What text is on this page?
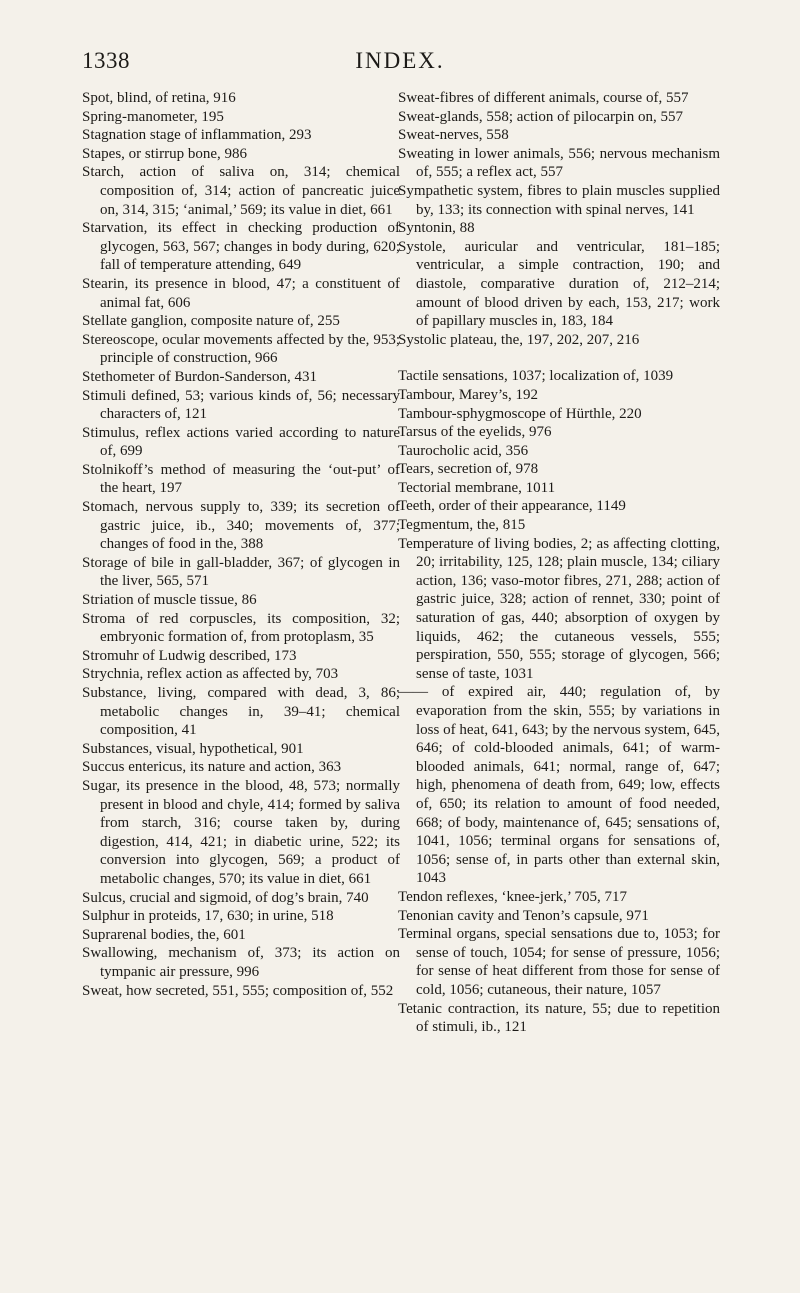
1338	INDEX.

Spot, blind, of retina, 916

Spring-manometer, 195

Stagnation stage of inflammation, 293

Stapes, or stirrup bone, 986

Starch, action of saliva on, 314; chemical composition of, 314; action of pancreatic juice on, 314, 315; ‘animal,’ 569; its value in diet, 661

Starvation, its effect in checking production of glycogen, 563, 567; changes in body during, 620; fall of temperature attending, 649

Stearin, its presence in blood, 47; a constituent of animal fat, 606

Stellate ganglion, composite nature of, 255

Stereoscope, ocular movements affected by the, 953; principle of construction, 966

Stethometer of Burdon-Sanderson, 431

Stimuli defined, 53; various kinds of, 56; necessary characters of, 121

Stimulus, reflex actions varied according to nature of, 699

Stolnikoff’s method of measuring the ‘out-put’ of the heart, 197

Stomach, nervous supply to, 339; its secretion of gastric juice, ib., 340; movements of, 377; changes of food in the, 388

Storage of bile in gall-bladder, 367; of glycogen in the liver, 565, 571

Striation of muscle tissue, 86

Stroma of red corpuscles, its composition, 32; embryonic formation of, from protoplasm, 35

Stromuhr of Ludwig described, 173

Strychnia, reflex action as affected by, 703

Substance, living, compared with dead, 3, 86; metabolic changes in, 39–41; chemical composition, 41

Substances, visual, hypothetical, 901

Succus entericus, its nature and action, 363

Sugar, its presence in the blood, 48, 573; normally present in blood and chyle, 414; formed by saliva from starch, 316; course taken by, during digestion, 414, 421; in diabetic urine, 522; its conversion into glycogen, 569; a product of metabolic changes, 570; its value in diet, 661

Sulcus, crucial and sigmoid, of dog’s brain, 740

Sulphur in proteids, 17, 630; in urine, 518

Suprarenal bodies, the, 601

Swallowing, mechanism of, 373; its action on tympanic air pressure, 996

Sweat, how secreted, 551, 555; composition of, 552

Sweat-fibres of different animals, course of, 557

Sweat-glands, 558; action of pilocarpin on, 557

Sweat-nerves, 558

Sweating in lower animals, 556; nervous mechanism of, 555; a reflex act, 557

Sympathetic system, fibres to plain muscles supplied by, 133; its connection with spinal nerves, 141

Syntonin, 88

Systole, auricular and ventricular, 181–185; ventricular, a simple contraction, 190; and diastole, comparative duration of, 212–214; amount of blood driven by each, 153, 217; work of papillary muscles in, 183, 184

Systolic plateau, the, 197, 202, 207, 216

Tactile sensations, 1037; localization of, 1039

Tambour, Marey’s, 192

Tambour-sphygmoscope of Hürthle, 220

Tarsus of the eyelids, 976

Taurocholic acid, 356

Tears, secretion of, 978

Tectorial membrane, 1011

Teeth, order of their appearance, 1149

Tegmentum, the, 815

Temperature of living bodies, 2; as affecting clotting, 20; irritability, 125, 128; plain muscle, 134; ciliary action, 136; vaso-motor fibres, 271, 288; action of gastric juice, 328; action of rennet, 330; point of saturation of gas, 440; absorption of oxygen by liquids, 462; the cutaneous vessels, 555; perspiration, 550, 555; storage of glycogen, 566; sense of taste, 1031

—— of expired air, 440; regulation of, by evaporation from the skin, 555; by variations in loss of heat, 641, 643; by the nervous system, 645, 646; of cold-blooded animals, 641; of warm-blooded animals, 641; normal, range of, 647; high, phenomena of death from, 649; low, effects of, 650; its relation to amount of food needed, 668; of body, maintenance of, 645; sensations of, 1041, 1056; terminal organs for sensations of, 1056; sense of, in parts other than external skin, 1043

Tendon reflexes, ‘knee-jerk,’ 705, 717

Tenonian cavity and Tenon’s capsule, 971

Terminal organs, special sensations due to, 1053; for sense of touch, 1054; for sense of pressure, 1056; for sense of heat different from those for sense of cold, 1056; cutaneous, their nature, 1057

Tetanic contraction, its nature, 55; due to repetition of stimuli, ib., 121
